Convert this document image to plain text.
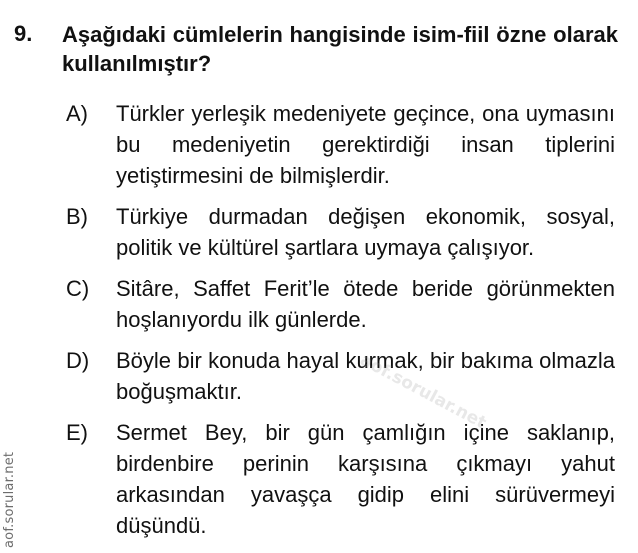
9. Aşağıdaki cümlelerin hangisinde isim-fiil özne olarak kullanılmıştır?
A)	Türkler yerleşik medeniyete geçince, ona uymasını bu medeniyetin gerektirdiği insan tiplerini yetiştirmesini de bilmişlerdir.
B)	Türkiye durmadan değişen ekonomik, sosyal, politik ve kültürel şartlara uymaya çalışıyor.
C)	Sitâre, Saffet Ferit’le ötede beride görünmekten hoşlanıyordu ilk günlerde.
D)	Böyle bir konuda hayal kurmak, bir bakıma olmazla boğuşmaktır.
E)	Sermet Bey, bir gün çamlığın içine saklanıp, birdenbire perinin karşısına çıkmayı yahut arkasından yavaşça gidip elini sürüvermeyi düşündü.
aof.sorular.net
aof.sorular.net
